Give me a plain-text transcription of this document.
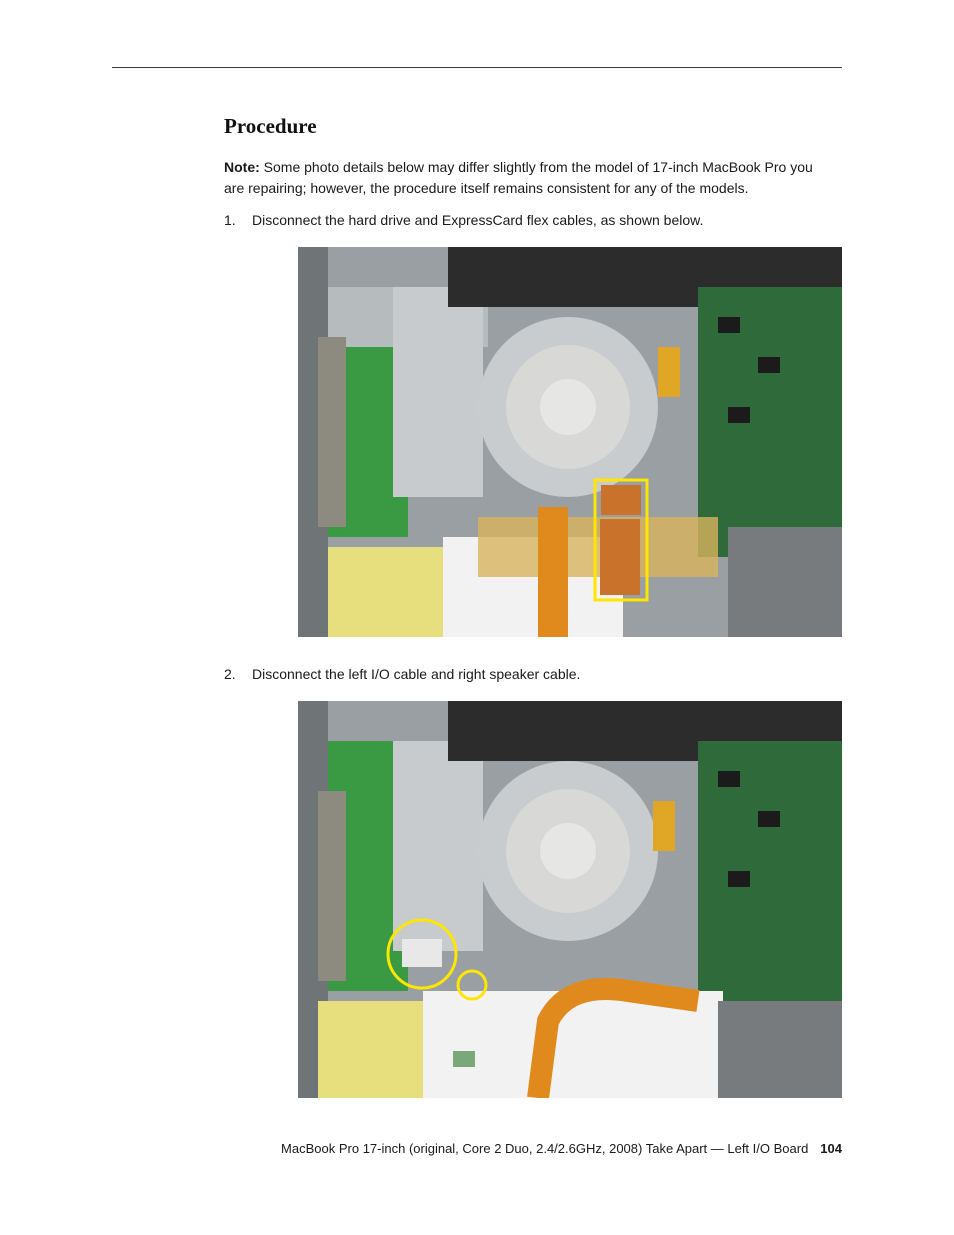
Procedure

Note: Some photo details below may differ slightly from the model of 17-inch MacBook Pro you are repairing; however, the procedure itself remains consistent for any of the models.

1. Disconnect the hard drive and ExpressCard flex cables, as shown below.
2. Disconnect the left I/O cable and right speaker cable.
MacBook Pro 17-inch (original, Core 2 Duo, 2.4/2.6GHz, 2008) Take Apart — Left I/O Board 104
